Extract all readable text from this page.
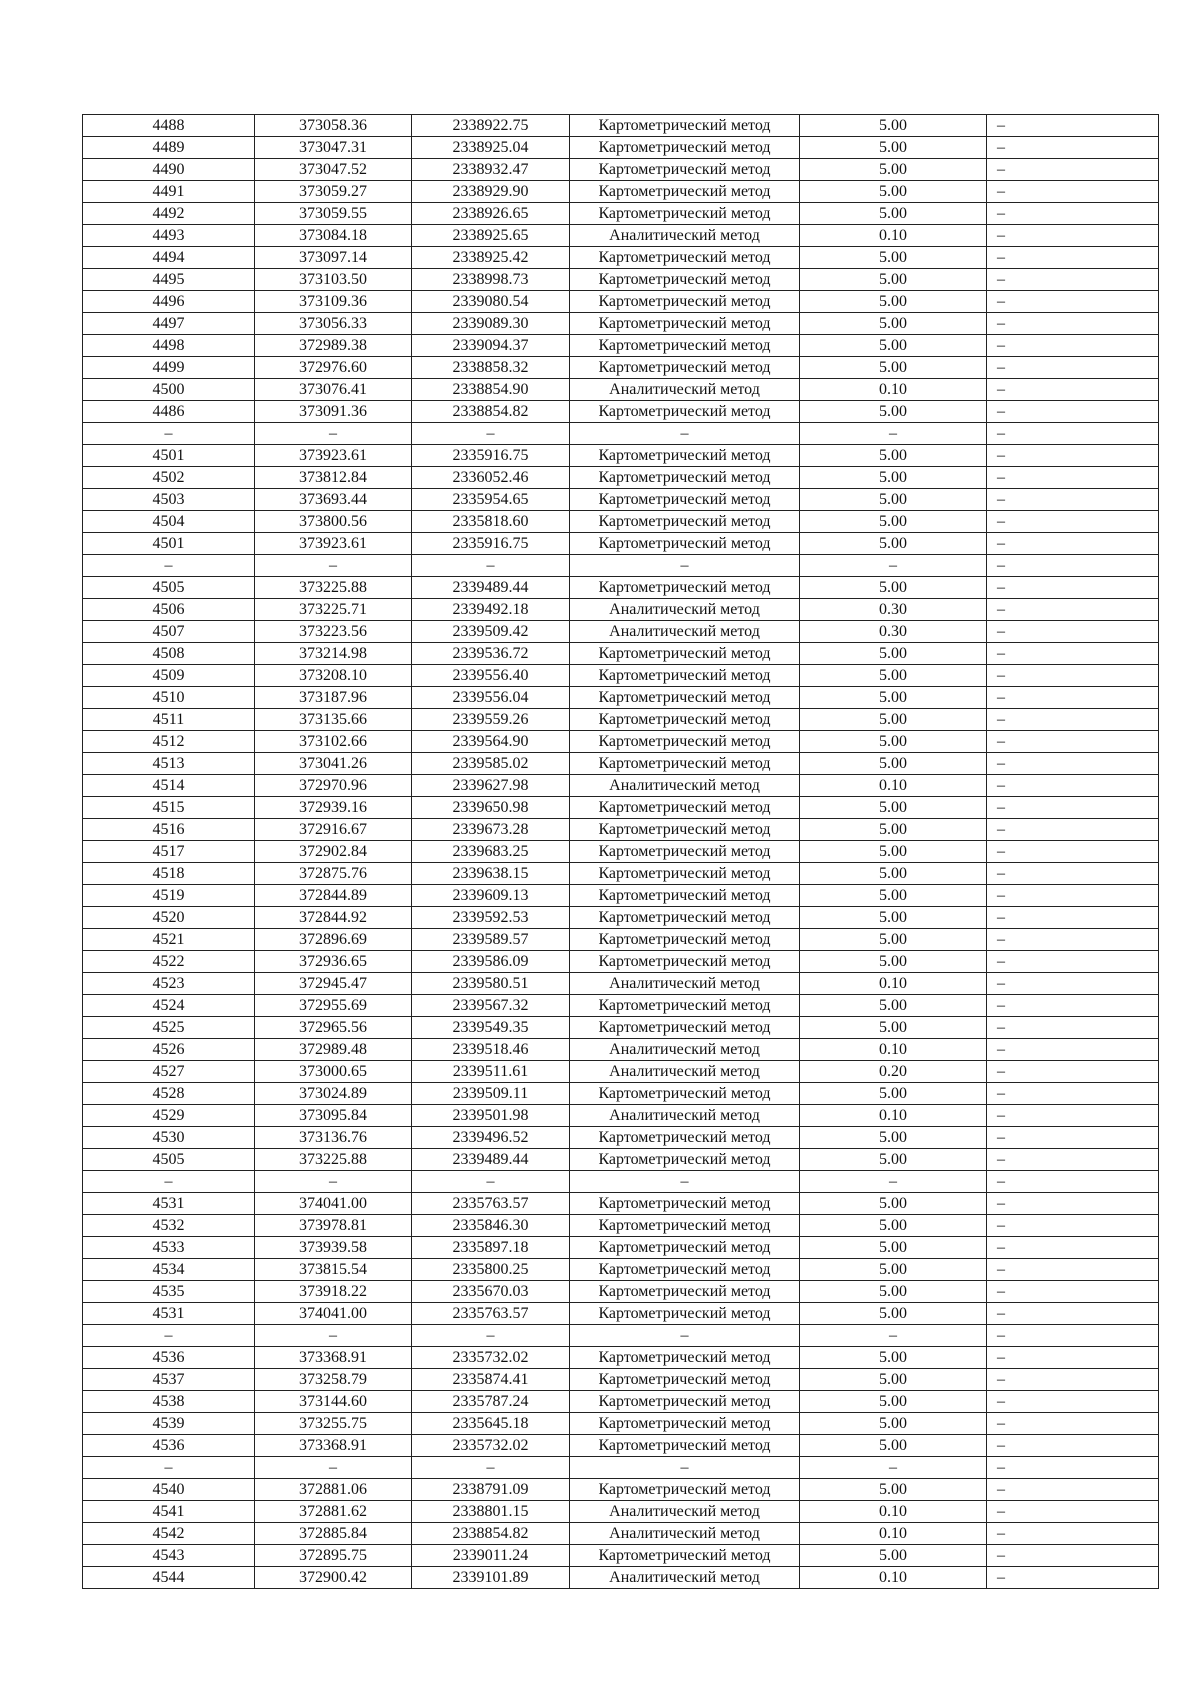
4488	373058.36	2338922.75	Картометрический метод	5.00	–
4489	373047.31	2338925.04	Картометрический метод	5.00	–
4490	373047.52	2338932.47	Картометрический метод	5.00	–
4491	373059.27	2338929.90	Картометрический метод	5.00	–
4492	373059.55	2338926.65	Картометрический метод	5.00	–
4493	373084.18	2338925.65	Аналитический метод	0.10	–
4494	373097.14	2338925.42	Картометрический метод	5.00	–
4495	373103.50	2338998.73	Картометрический метод	5.00	–
4496	373109.36	2339080.54	Картометрический метод	5.00	–
4497	373056.33	2339089.30	Картометрический метод	5.00	–
4498	372989.38	2339094.37	Картометрический метод	5.00	–
4499	372976.60	2338858.32	Картометрический метод	5.00	–
4500	373076.41	2338854.90	Аналитический метод	0.10	–
4486	373091.36	2338854.82	Картометрический метод	5.00	–
–	–	–	–	–	–
4501	373923.61	2335916.75	Картометрический метод	5.00	–
4502	373812.84	2336052.46	Картометрический метод	5.00	–
4503	373693.44	2335954.65	Картометрический метод	5.00	–
4504	373800.56	2335818.60	Картометрический метод	5.00	–
4501	373923.61	2335916.75	Картометрический метод	5.00	–
–	–	–	–	–	–
4505	373225.88	2339489.44	Картометрический метод	5.00	–
4506	373225.71	2339492.18	Аналитический метод	0.30	–
4507	373223.56	2339509.42	Аналитический метод	0.30	–
4508	373214.98	2339536.72	Картометрический метод	5.00	–
4509	373208.10	2339556.40	Картометрический метод	5.00	–
4510	373187.96	2339556.04	Картометрический метод	5.00	–
4511	373135.66	2339559.26	Картометрический метод	5.00	–
4512	373102.66	2339564.90	Картометрический метод	5.00	–
4513	373041.26	2339585.02	Картометрический метод	5.00	–
4514	372970.96	2339627.98	Аналитический метод	0.10	–
4515	372939.16	2339650.98	Картометрический метод	5.00	–
4516	372916.67	2339673.28	Картометрический метод	5.00	–
4517	372902.84	2339683.25	Картометрический метод	5.00	–
4518	372875.76	2339638.15	Картометрический метод	5.00	–
4519	372844.89	2339609.13	Картометрический метод	5.00	–
4520	372844.92	2339592.53	Картометрический метод	5.00	–
4521	372896.69	2339589.57	Картометрический метод	5.00	–
4522	372936.65	2339586.09	Картометрический метод	5.00	–
4523	372945.47	2339580.51	Аналитический метод	0.10	–
4524	372955.69	2339567.32	Картометрический метод	5.00	–
4525	372965.56	2339549.35	Картометрический метод	5.00	–
4526	372989.48	2339518.46	Аналитический метод	0.10	–
4527	373000.65	2339511.61	Аналитический метод	0.20	–
4528	373024.89	2339509.11	Картометрический метод	5.00	–
4529	373095.84	2339501.98	Аналитический метод	0.10	–
4530	373136.76	2339496.52	Картометрический метод	5.00	–
4505	373225.88	2339489.44	Картометрический метод	5.00	–
–	–	–	–	–	–
4531	374041.00	2335763.57	Картометрический метод	5.00	–
4532	373978.81	2335846.30	Картометрический метод	5.00	–
4533	373939.58	2335897.18	Картометрический метод	5.00	–
4534	373815.54	2335800.25	Картометрический метод	5.00	–
4535	373918.22	2335670.03	Картометрический метод	5.00	–
4531	374041.00	2335763.57	Картометрический метод	5.00	–
–	–	–	–	–	–
4536	373368.91	2335732.02	Картометрический метод	5.00	–
4537	373258.79	2335874.41	Картометрический метод	5.00	–
4538	373144.60	2335787.24	Картометрический метод	5.00	–
4539	373255.75	2335645.18	Картометрический метод	5.00	–
4536	373368.91	2335732.02	Картометрический метод	5.00	–
–	–	–	–	–	–
4540	372881.06	2338791.09	Картометрический метод	5.00	–
4541	372881.62	2338801.15	Аналитический метод	0.10	–
4542	372885.84	2338854.82	Аналитический метод	0.10	–
4543	372895.75	2339011.24	Картометрический метод	5.00	–
4544	372900.42	2339101.89	Аналитический метод	0.10	–
